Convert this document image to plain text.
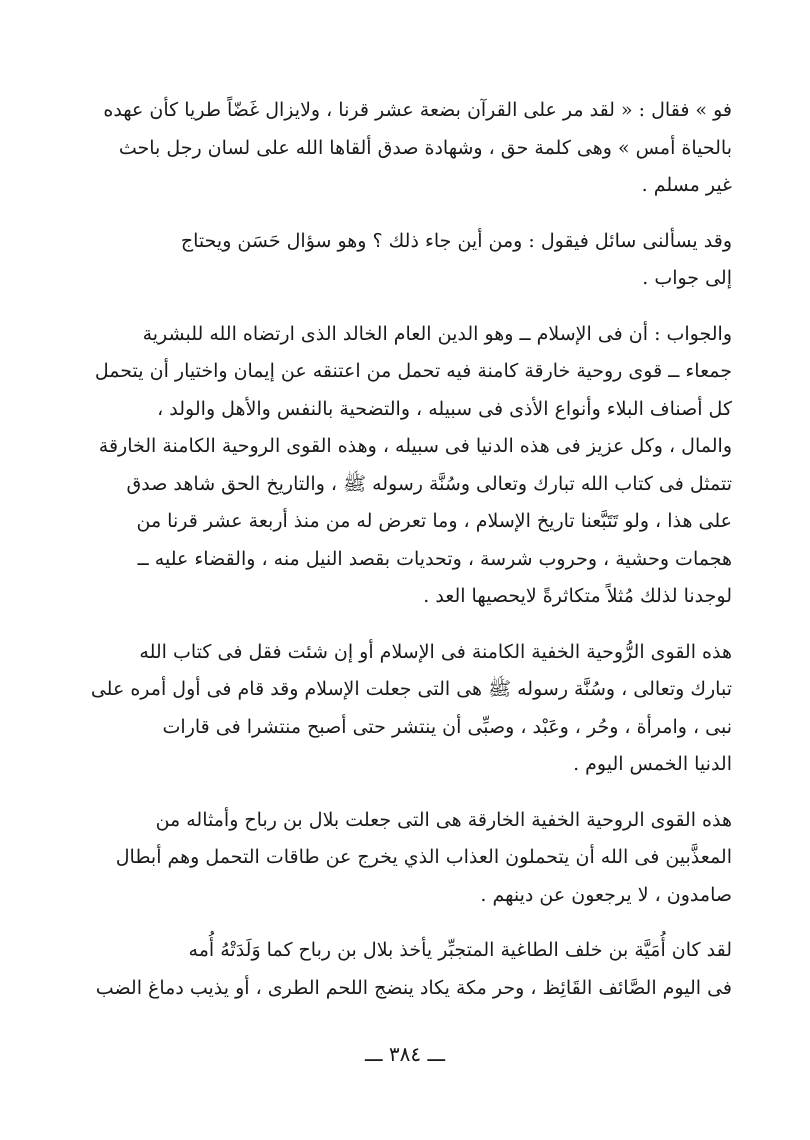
فو » فقال : « لقد مر على القرآن بضعة عشر قرنا ، ولايزال غَضّاً طريا كأن عهده
بالحياة أمس » وهى كلمة حق ، وشهادة صدق ألقاها الله على لسان رجل باحث
غير مسلم .

وقد يسألنى سائل فيقول : ومن أين جاء ذلك ؟ وهو سؤال حَسَن ويحتاج
إلى جواب .

والجواب : أن فى الإسلام ــ وهو الدين العام الخالد الذى ارتضاه الله للبشرية
جمعاء ــ قوى روحية خارقة كامنة فيه تحمل من اعتنقه عن إيمان واختيار أن يتحمل
كل أصناف البلاء وأنواع الأذى فى سبيله ، والتضحية بالنفس والأهل والولد ،
والمال ، وكل عزيز فى هذه الدنيا فى سبيله ، وهذه القوى الروحية الكامنة الخارقة
تتمثل فى كتاب الله تبارك وتعالى وسُنَّة رسوله ﷺ ، والتاريخ الحق شاهد صدق
على هذا ، ولو تَتَبَّعنا تاريخ الإسلام ، وما تعرض له من منذ أربعة عشر قرنا من
هجمات وحشية ، وحروب شرسة ، وتحديات بقصد النيل منه ، والقضاء عليه ــ
لوجدنا لذلك مُثلاً متكاثرةً لايحصيها العد .

هذه القوى الرُّوحية الخفية الكامنة فى الإسلام أو إن شئت فقل فى كتاب الله
تبارك وتعالى ، وسُنَّة رسوله ﷺ هى التى جعلت الإسلام وقد قام فى أول أمره على
نبى ، وامرأة ، وحُر ، وعَبْد ، وصبِّى أن ينتشر حتى أصبح منتشرا فى قارات
الدنيا الخمس اليوم .

هذه القوى الروحية الخفية الخارقة هى التى جعلت بلال بن رباح وأمثاله من
المعذَّبين فى الله أن يتحملون العذاب الذي يخرج عن طاقات التحمل وهم أبطال
صامدون ، لا يرجعون عن دينهم .

لقد كان أُمَيَّة بن خلف الطاغية المتجبِّر يأخذ بلال بن رباح كما وَلَدَتْهُ أُمه
فى اليوم الصَّائف القَائِظ ، وحر مكة يكاد ينضج اللحم الطرى ، أو يذيب دماغ الضب

ـــ ٣٨٤ ـــ
